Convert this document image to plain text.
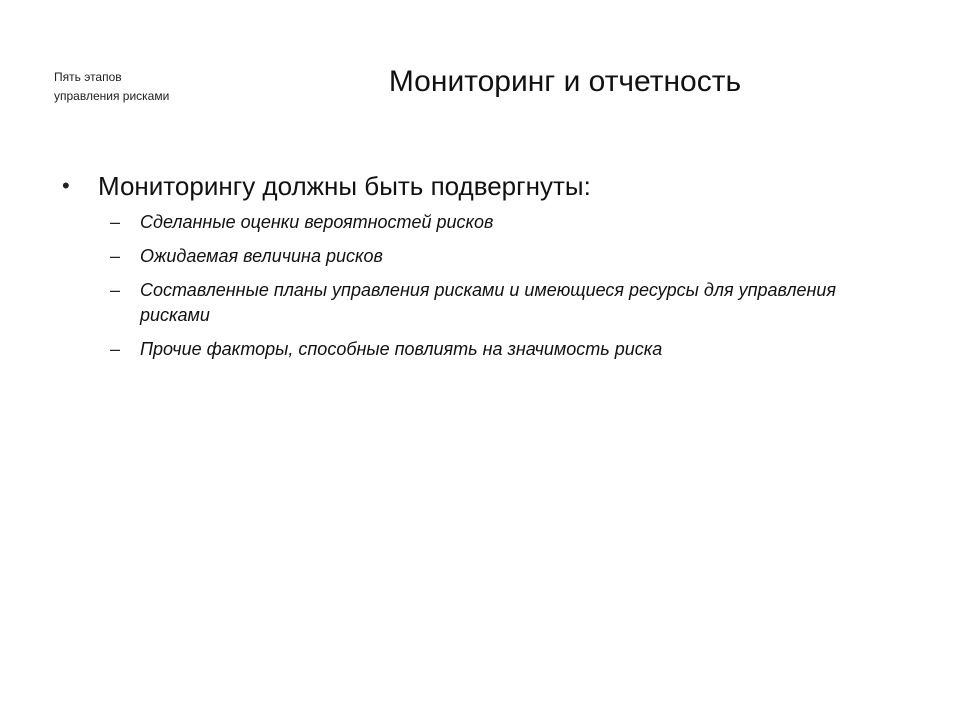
Пять этапов
управления рисками	Мониторинг и отчетность
•	Мониторингу должны быть подвергнуты:
–	Сделанные оценки вероятностей рисков
–	Ожидаемая величина рисков
–	Составленные планы управления рисками и имеющиеся ресурсы для управления рисками
–	Прочие факторы, способные повлиять на значимость риска
